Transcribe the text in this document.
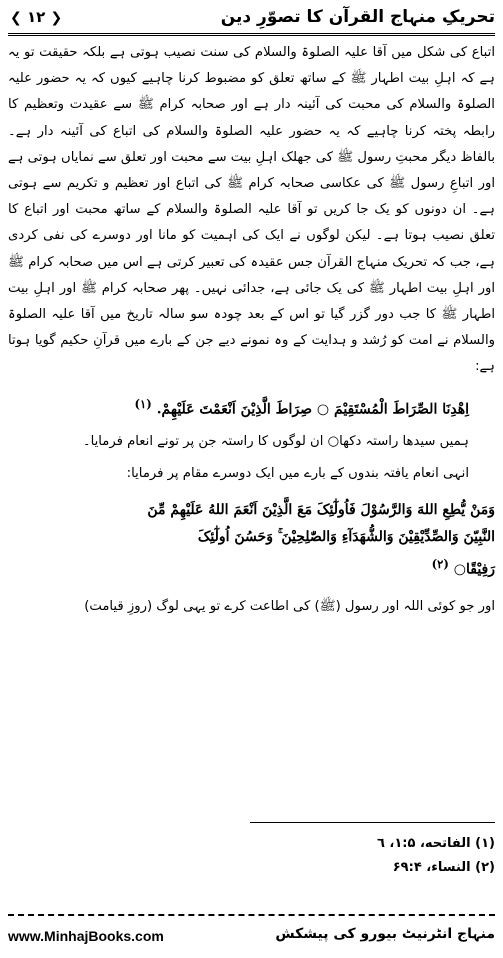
❮ ۱۲ ❯	تحریکِ منہاج القرآن کا تصوّرِ دین

اتباع کی شکل میں آقا علیہ الصلوۃ والسلام کی سنت نصیب ہوتی ہے بلکہ حقیقت تو یہ ہے کہ اہلِ بیت اطہار ﷺ کے ساتھ تعلق کو مضبوط کرنا چاہیے کیوں کہ یہ حضور علیہ الصلوۃ والسلام کی محبت کی آئینہ دار ہے اور صحابہ کرام ﷺ سے عقیدت وتعظیم کا رابطہ پختہ کرنا چاہیے کہ یہ حضور علیہ الصلوۃ والسلام کی اتباع کی آئینہ دار ہے۔ بالفاظ دیگر محبتِ رسول ﷺ کی جھلک اہلِ بیت سے محبت اور تعلق سے نمایاں ہوتی ہے اور اتباعِ رسول ﷺ کی عکاسی صحابہ کرام ﷺ کی اتباع اور تعظیم و تکریم سے ہوتی ہے۔ ان دونوں کو یک جا کریں تو آقا علیہ الصلوۃ والسلام کے ساتھ محبت اور اتباع کا تعلق نصیب ہوتا ہے۔ لیکن لوگوں نے ایک کی اہمیت کو مانا اور دوسرے کی نفی کردی ہے، جب کہ تحریک منہاج القرآن جس عقیدہ کی تعبیر کرتی ہے اس میں صحابہ کرام ﷺ اور اہلِ بیت اطہار ﷺ کی یک جائی ہے، جدائی نہیں۔ پھر صحابہ کرام ﷺ اور اہلِ بیت اطہار ﷺ کا جب دور گزر گیا تو اس کے بعد چودہ سو سالہ تاریخ میں آقا علیہ الصلوۃ والسلام نے امت کو رُشد و ہدایت کے وہ نمونے دیے جن کے بارے میں قرآنِ حکیم گویا ہوتا ہے:

اِهْدِنَا الصِّرَاطَ الْمُسْتَقِيْمَ ○ صِرَاطَ الَّذِيْنَ اَنْعَمْتَ عَلَيْهِمْ. $^{(۱)}$

ہمیں سیدھا راستہ دکھا○ ان لوگوں کا راستہ جن پر تونے انعام فرمایا۔

انہی انعام یافتہ بندوں کے بارے میں ایک دوسرے مقام پر فرمایا:

وَمَنْ يُّطِعِ اللهَ وَالرَّسُوْلَ فَاُولٰٓئِکَ مَعَ الَّذِيْنَ اَنْعَمَ اللهُ عَلَيْهِمْ مِّنَ
النَّبِيّنَ وَالصِّدِّيْقِيْنَ وَالشُّهَدَآءِ وَالصّٰلِحِيْنَ ۚ وَحَسُنَ اُولٰٓئِکَ
رَفِيْقًا○ $^{(۲)}$

اور جو کوئی اللہ اور رسول (ﷺ) کی اطاعت کرے تو یہی لوگ (روزِ قیامت)

(۱) الفاتحه، ۱:۵، ٦

(۲) النساء، ۶۹:۴

www.MinhajBooks.com	منہاج انٹرنیٹ بیورو کی پیشکش
